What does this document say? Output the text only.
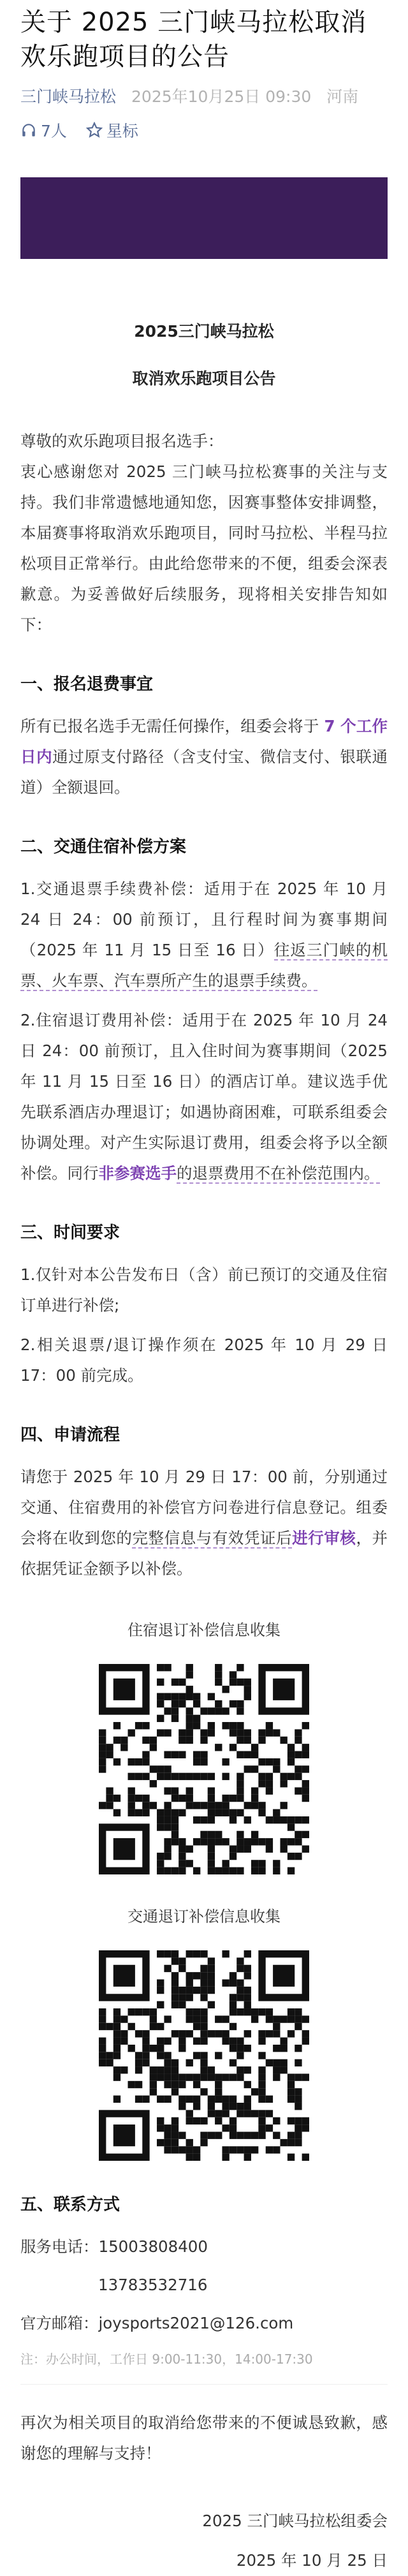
关于 2025 三门峡马拉松取消欢乐跑项目的公告
三门峡马拉松 2025年10月25日 09:30 河南
7人 星标
2025三门峡马拉松
取消欢乐跑项目公告

尊敬的欢乐跑项目报名选手：

衷心感谢您对 2025 三门峡马拉松赛事的关注与支持。我们非常遗憾地通知您，因赛事整体安排调整，本届赛事将取消欢乐跑项目，同时马拉松、半程马拉松项目正常举行。由此给您带来的不便，组委会深表歉意。为妥善做好后续服务，现将相关安排告知如下：

一、报名退费事宜

所有已报名选手无需任何操作，组委会将于 7 个工作日内通过原支付路径（含支付宝、微信支付、银联通道）全额退回。

二、交通住宿补偿方案

1.交通退票手续费补偿：适用于在 2025 年 10 月 24 日 24：00 前预订，且行程时间为赛事期间（2025 年 11 月 15 日至 16 日）往返三门峡的机票、火车票、汽车票所产生的退票手续费。

2.住宿退订费用补偿：适用于在 2025 年 10 月 24 日 24：00 前预订，且入住时间为赛事期间（2025 年 11 月 15 日至 16 日）的酒店订单。建议选手优先联系酒店办理退订；如遇协商困难，可联系组委会协调处理。对产生实际退订费用，组委会将予以全额补偿。同行非参赛选手的退票费用不在补偿范围内。

三、时间要求

1.仅针对本公告发布日（含）前已预订的交通及住宿订单进行补偿;

2.相关退票/退订操作须在 2025 年 10 月 29 日 17：00 前完成。

四、申请流程

请您于 2025 年 10 月 29 日 17：00 前，分别通过交通、住宿费用的补偿官方问卷进行信息登记。组委会将在收到您的完整信息与有效凭证后进行审核，并依据凭证金额予以补偿。

住宿退订补偿信息收集
交通退订补偿信息收集
五、联系方式

服务电话：15003808400

13783532716

官方邮箱：joysports2021@126.com

注：办公时间，工作日 9:00-11:30，14:00-17:30

再次为相关项目的取消给您带来的不便诚恳致歉，感谢您的理解与支持！

2025 三门峡马拉松组委会
2025 年 10 月 25 日
